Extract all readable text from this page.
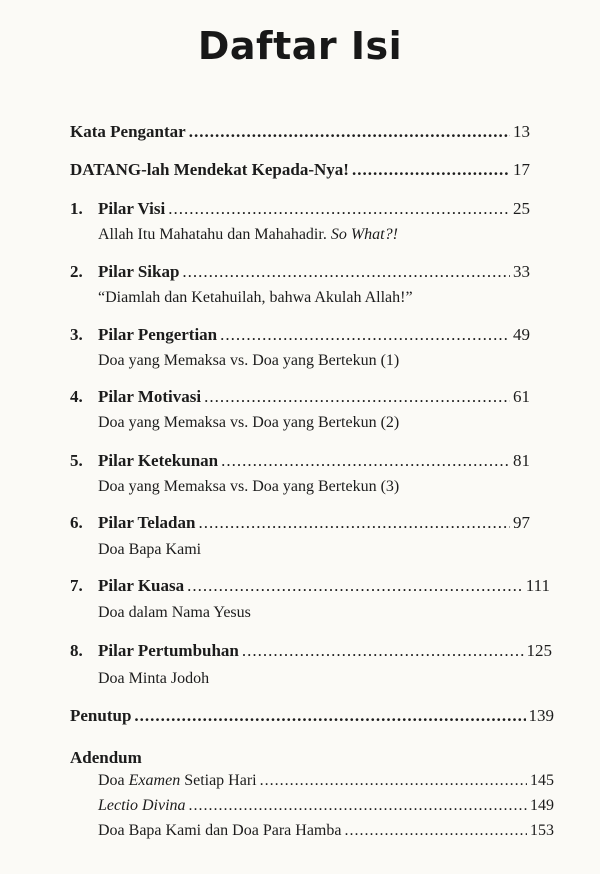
Daftar Isi
Kata Pengantar .....	13
DATANG-lah Mendekat Kepada-Nya! .....	17
1. Pilar Visi .....	25
Allah Itu Mahatahu dan Mahahadir. So What?!
2. Pilar Sikap .....	33
“Diamlah dan Ketahuilah, bahwa Akulah Allah!”
3. Pilar Pengertian .....	49
Doa yang Memaksa vs. Doa yang Bertekun (1)
4. Pilar Motivasi .....	61
Doa yang Memaksa vs. Doa yang Bertekun (2)
5. Pilar Ketekunan .....	81
Doa yang Memaksa vs. Doa yang Bertekun (3)
6. Pilar Teladan .....	97
Doa Bapa Kami
7. Pilar Kuasa .....	111
Doa dalam Nama Yesus
8. Pilar Pertumbuhan .....	125
Doa Minta Jodoh
Penutup .....	139
Adendum
Doa Examen Setiap Hari .....	145
Lectio Divina .....	149
Doa Bapa Kami dan Doa Para Hamba .....	153
